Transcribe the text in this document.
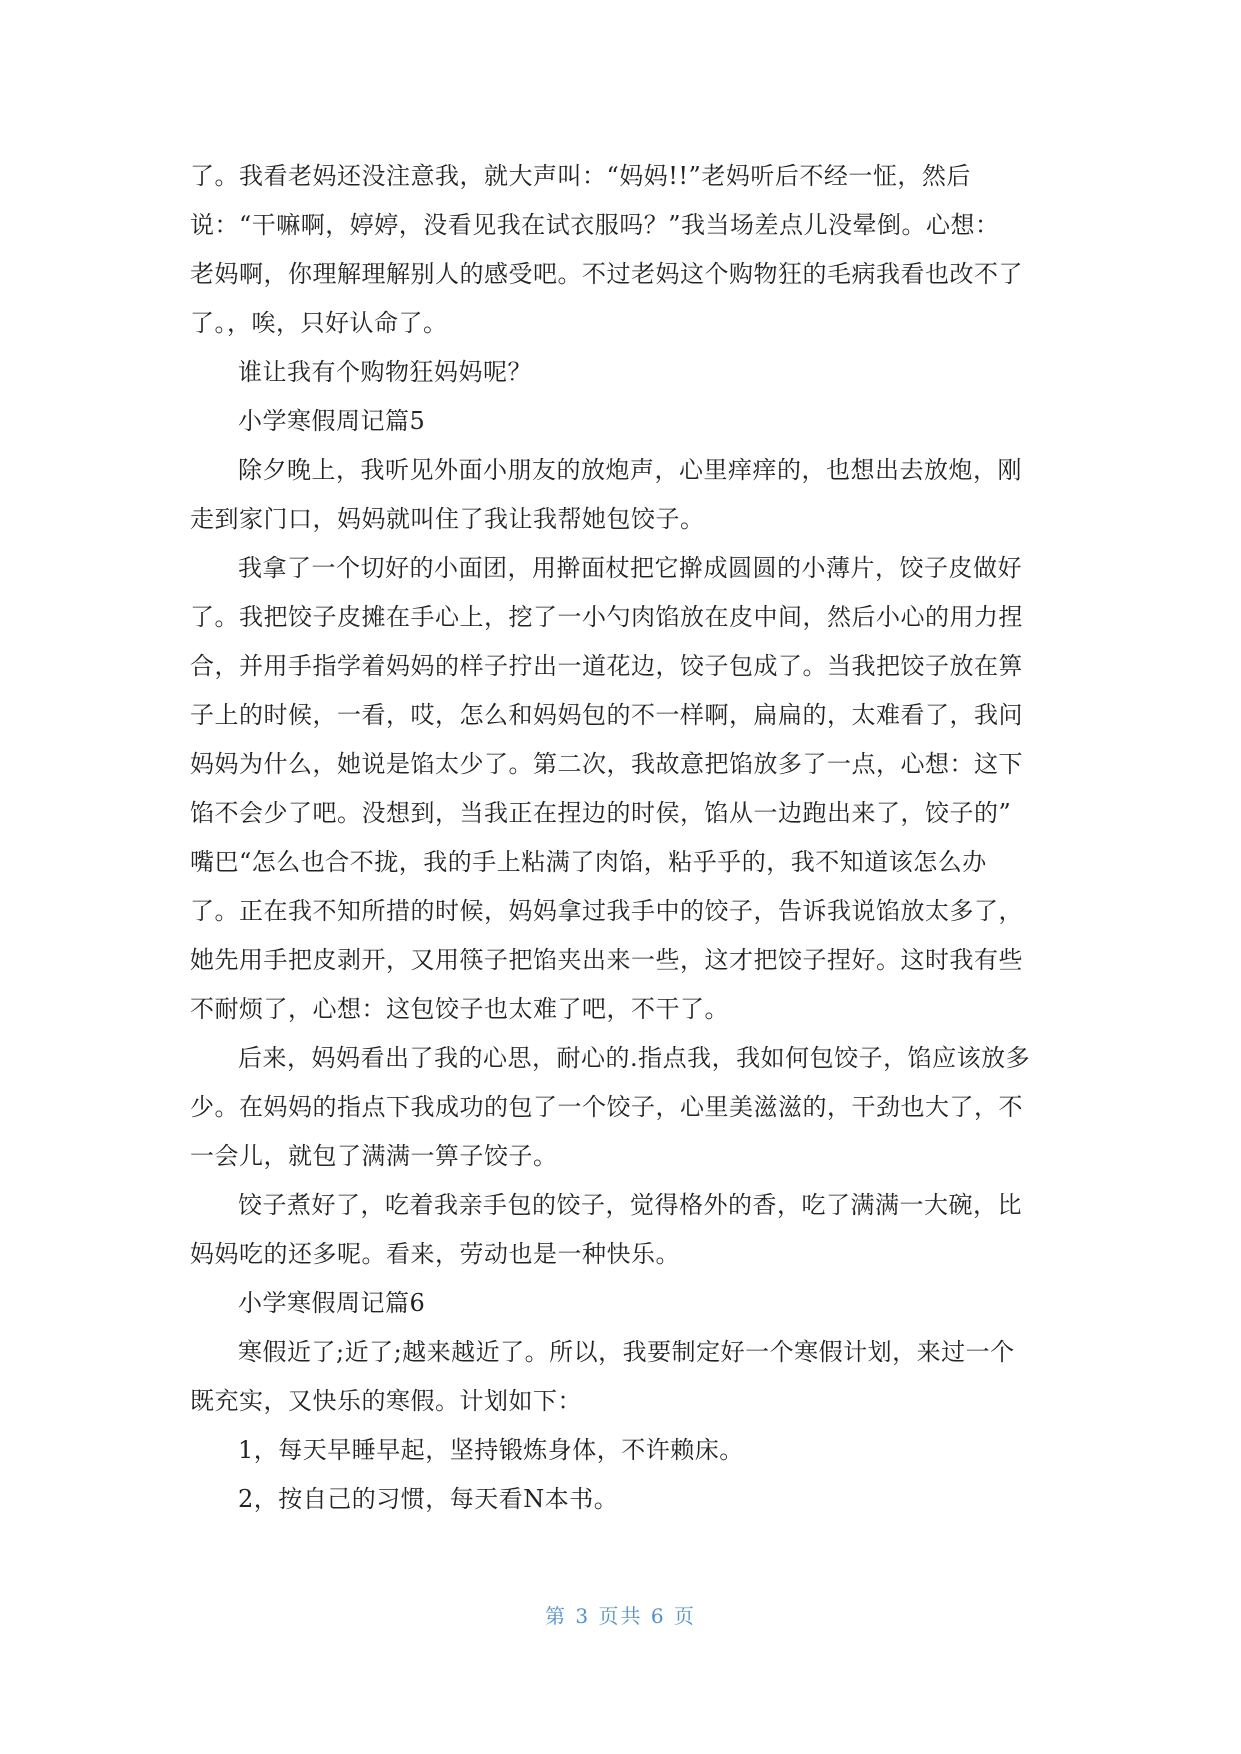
了。我看老妈还没注意我，就大声叫：“妈妈!!”老妈听后不经一怔，然后
说：“干嘛啊，婷婷，没看见我在试衣服吗？”我当场差点儿没晕倒。心想：
老妈啊，你理解理解别人的感受吧。不过老妈这个购物狂的毛病我看也改不了
了。，唉，只好认命了。
谁让我有个购物狂妈妈呢？
小学寒假周记篇5
除夕晚上，我听见外面小朋友的放炮声，心里痒痒的，也想出去放炮，刚
走到家门口，妈妈就叫住了我让我帮她包饺子。
我拿了一个切好的小面团，用擀面杖把它擀成圆圆的小薄片，饺子皮做好
了。我把饺子皮摊在手心上，挖了一小勺肉馅放在皮中间，然后小心的用力捏
合，并用手指学着妈妈的样子拧出一道花边，饺子包成了。当我把饺子放在箅
子上的时候，一看，哎，怎么和妈妈包的不一样啊，扁扁的，太难看了，我问
妈妈为什么，她说是馅太少了。第二次，我故意把馅放多了一点，心想：这下
馅不会少了吧。没想到，当我正在捏边的时侯，馅从一边跑出来了，饺子的”
嘴巴“怎么也合不拢，我的手上粘满了肉馅，粘乎乎的，我不知道该怎么办
了。正在我不知所措的时候，妈妈拿过我手中的饺子，告诉我说馅放太多了，
她先用手把皮剥开，又用筷子把馅夹出来一些，这才把饺子捏好。这时我有些
不耐烦了，心想：这包饺子也太难了吧，不干了。
后来，妈妈看出了我的心思，耐心的.指点我，我如何包饺子，馅应该放多
少。在妈妈的指点下我成功的包了一个饺子，心里美滋滋的，干劲也大了，不
一会儿，就包了满满一箅子饺子。
饺子煮好了，吃着我亲手包的饺子，觉得格外的香，吃了满满一大碗，比
妈妈吃的还多呢。看来，劳动也是一种快乐。
小学寒假周记篇6
寒假近了;近了;越来越近了。所以，我要制定好一个寒假计划，来过一个
既充实，又快乐的寒假。计划如下：
1，每天早睡早起，坚持锻炼身体，不许赖床。
2，按自己的习惯，每天看N本书。
第 3 页共 6 页
